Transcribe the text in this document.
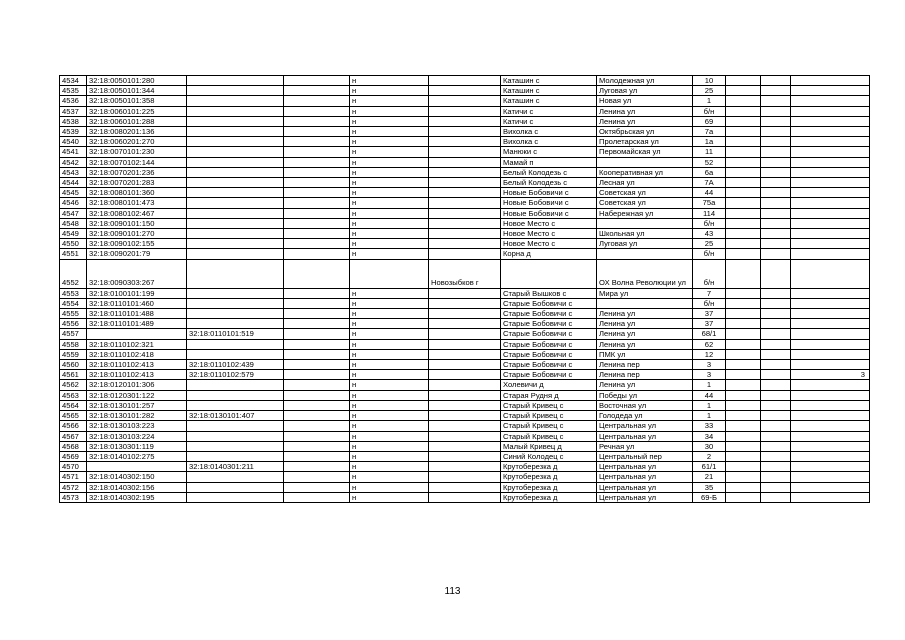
4534	32:18:0050101:280			н		Каташин с	Молодежная ул	10			
4535	32:18:0050101:344			н		Каташин с	Луговая ул	25			
4536	32:18:0050101:358			н		Каташин с	Новая ул	1			
4537	32:18:0060101:225			н		Катичи с	Ленина ул	б/н			
4538	32:18:0060101:288			н		Катичи с	Ленина ул	69			
4539	32:18:0080201:136			н		Вихолка с	Октябрьская ул	7а			
4540	32:18:0060201:270			н		Вихолка с	Пролетарская ул	1а			
4541	32:18:0070101:230			н		Манюки с	Первомайская ул	11			
4542	32:18:0070102:144			н		Мамай п		52			
4543	32:18:0070201:236			н		Белый Колодезь с	Кооперативная ул	6а			
4544	32:18:0070201:283			н		Белый Колодезь с	Лесная ул	7А			
4545	32:18:0080101:360			н		Новые Бобовичи с	Советская ул	44			
4546	32:18:0080101:473			н		Новые Бобовичи с	Советская ул	75а			
4547	32:18:0080102:467			н		Новые Бобовичи с	Набережная ул	114			
4548	32:18:0090101:150			н		Новое Место с		б/н			
4549	32:18:0090101:270			н		Новое Место с	Школьная ул	43			
4550	32:18:0090102:155			н		Новое Место с	Луговая ул	25			
4551	32:18:0090201:79			н		Корна д		б/н			
4552	32:18:0090303:267				Новозыбков г		ОХ Волна Революции ул	б/н			
4553	32:18:0100101:199			н		Старый Вышков с	Мира ул	7			
4554	32:18:0110101:460			н		Старые Бобовичи с		б/н			
4555	32:18:0110101:488			н		Старые Бобовичи с	Ленина ул	37			
4556	32:18:0110101:489			н		Старые Бобовичи с	Ленина ул	37			
4557		32:18:0110101:519		н		Старые Бобовичи с	Ленина ул	68/1			
4558	32:18:0110102:321			н		Старые Бобовичи с	Ленина ул	62			
4559	32:18:0110102:418			н		Старые Бобовичи с	ПМК ул	12			
4560	32:18:0110102:413	32:18:0110102:439		н		Старые Бобовичи с	Ленина пер	3			
4561	32:18:0110102:413	32:18:0110102:579		н		Старые Бобовичи с	Ленина пер	3			3
4562	32:18:0120101:306			н		Холевичи д	Ленина ул	1			
4563	32:18:0120301:122			н		Старая Рудня д	Победы ул	44			
4564	32:18:0130101:257			н		Старый Кривец с	Восточная ул	1			
4565	32:18:0130101:282	32:18:0130101:407		н		Старый Кривец с	Голодеда ул	1			
4566	32:18:0130103:223			н		Старый Кривец с	Центральная ул	33			
4567	32:18:0130103:224			н		Старый Кривец с	Центральная ул	34			
4568	32:18:0130301:119			н		Малый Кривец д	Речная ул	30			
4569	32:18:0140102:275			н		Синий Колодец с	Центральный пер	2			
4570		32:18:0140301:211		н		Крутоберезка д	Центральная ул	61/1			
4571	32:18:0140302:150			н		Крутоберезка д	Центральная ул	21			
4572	32:18:0140302:156			н		Крутоберезка д	Центральная ул	35			
4573	32:18:0140302:195			н		Крутоберезка д	Центральная ул	69-Б			
113
